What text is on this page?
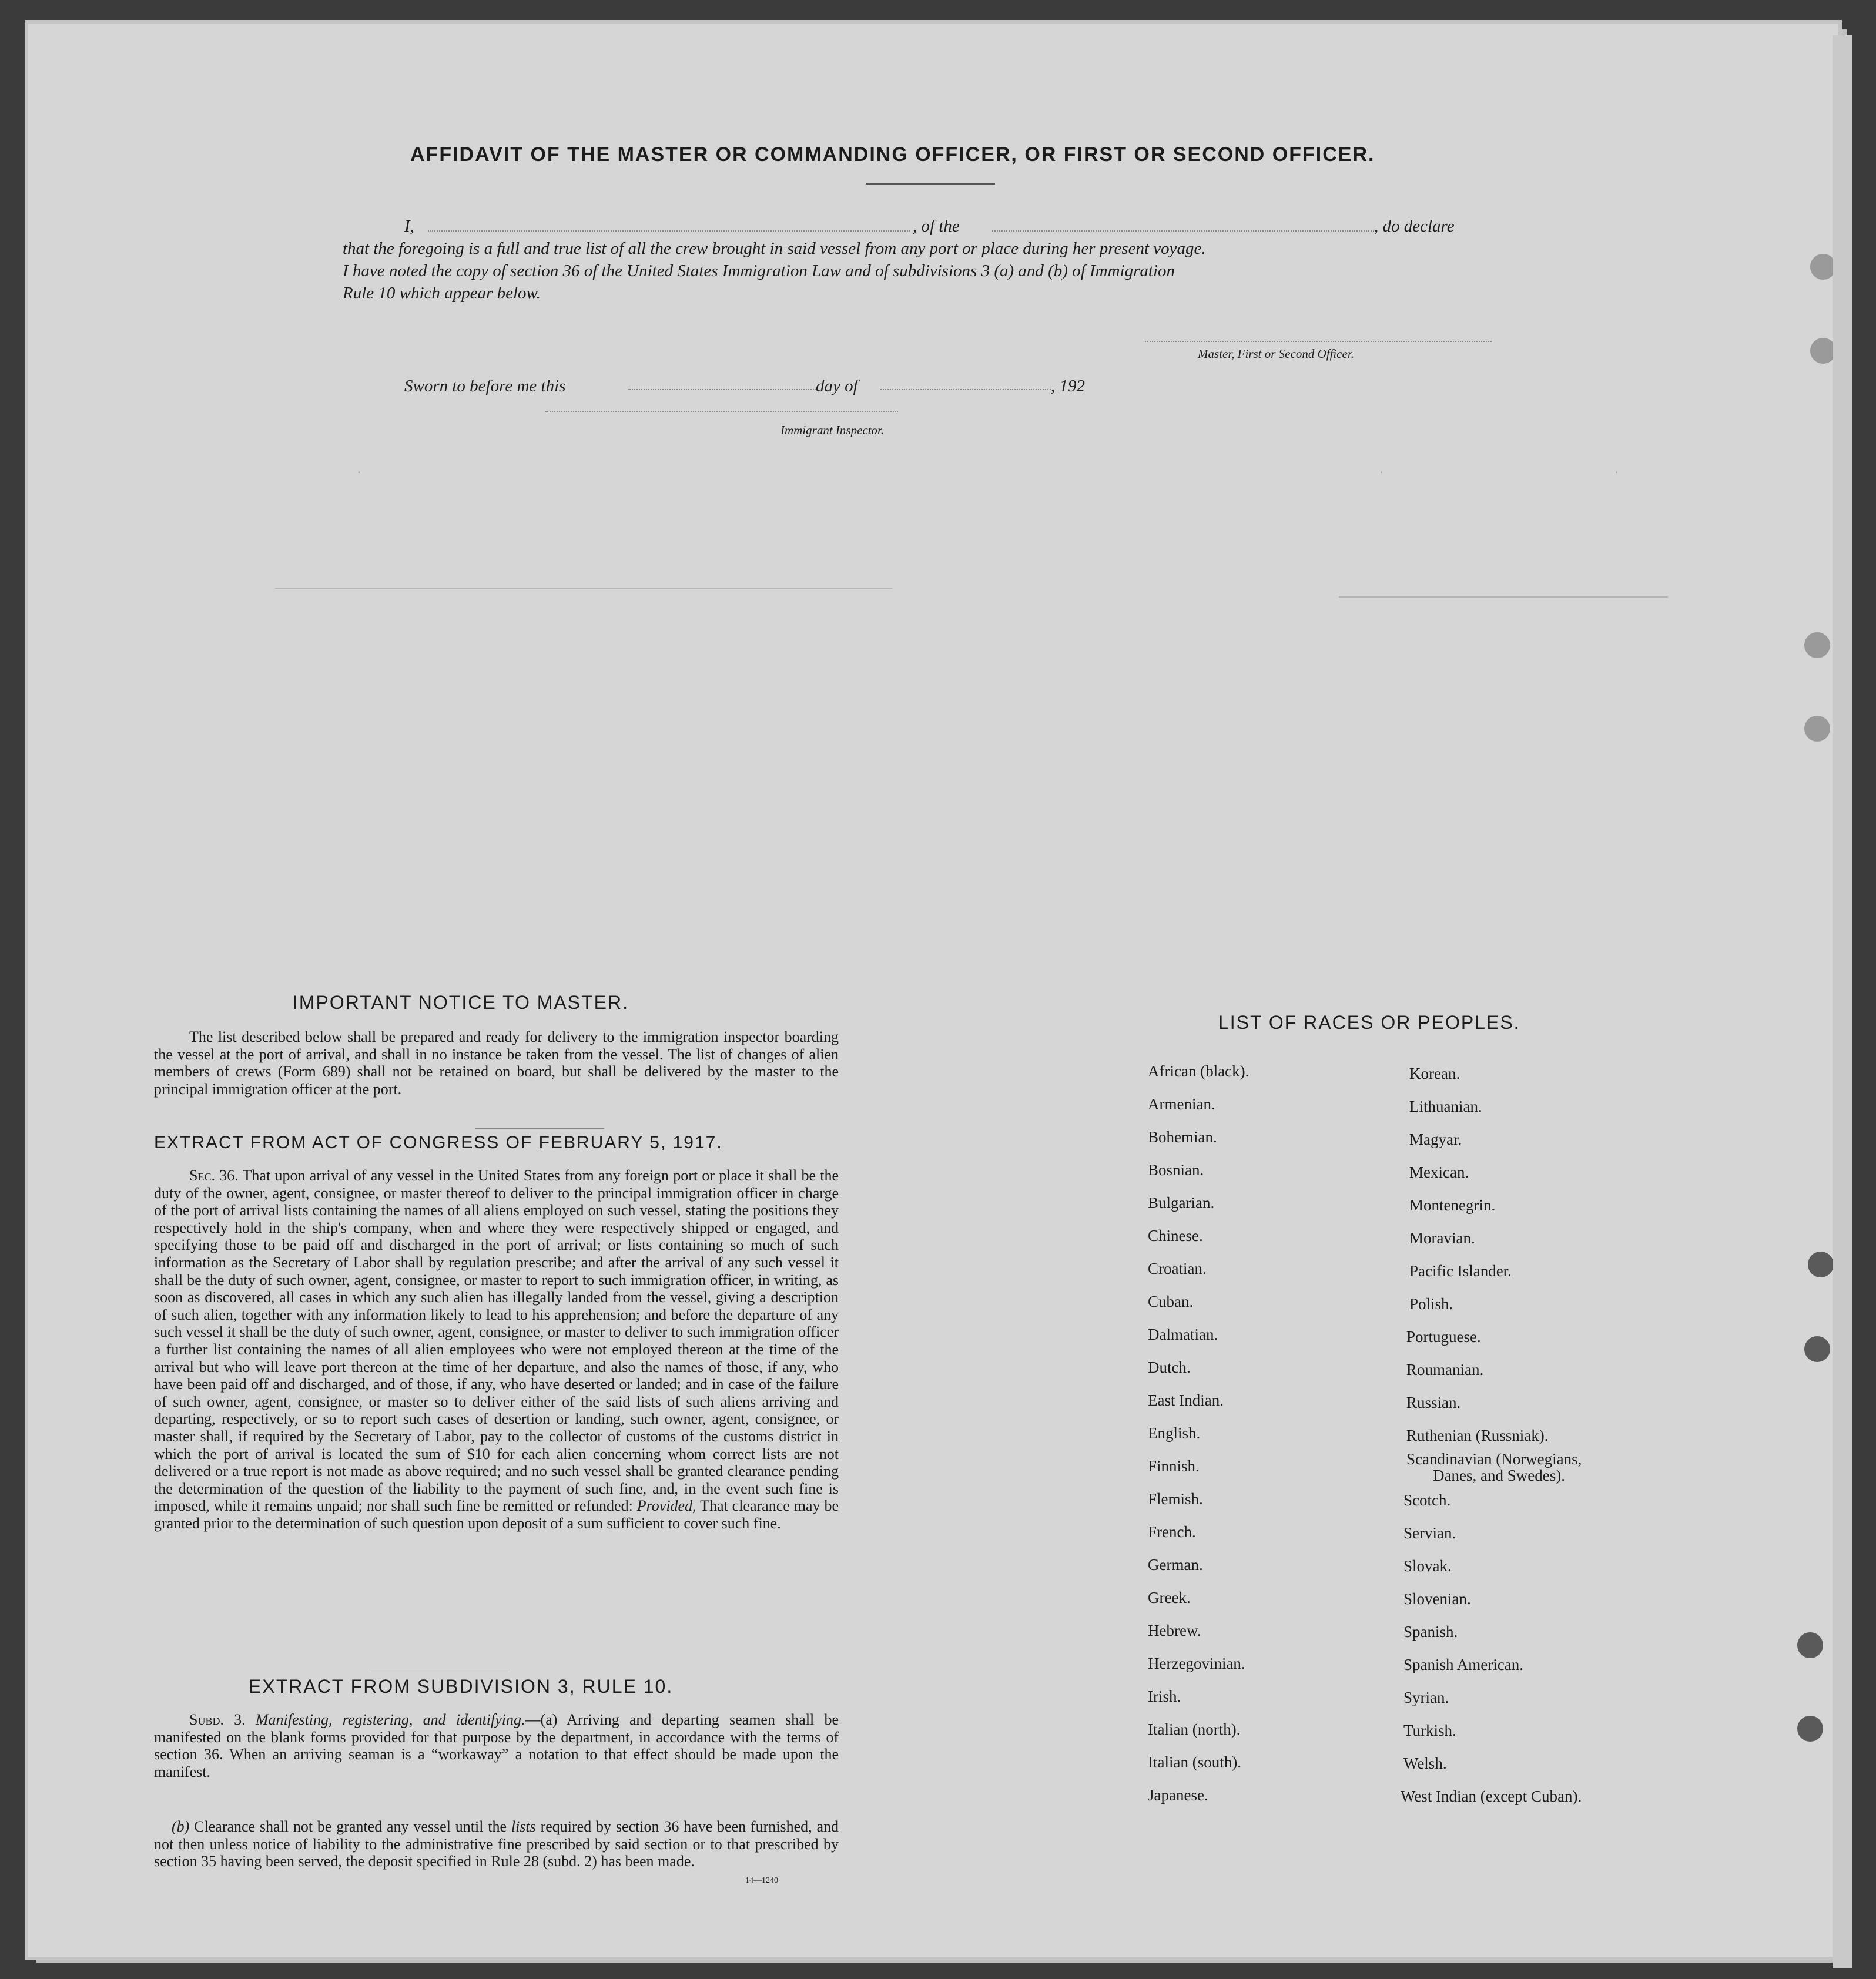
AFFIDAVIT OF THE MASTER OR COMMANDING OFFICER, OR FIRST OR SECOND OFFICER.
I,	, of the	, do declare
that the foregoing is a full and true list of all the crew brought in said vessel from any port or place during her present voyage.
I have noted the copy of section 36 of the United States Immigration Law and of subdivisions 3 (a) and (b) of Immigration
Rule 10 which appear below.
Master, First or Second Officer.
Sworn to before me this	day of	, 192
Immigrant Inspector.
.	.	.
IMPORTANT NOTICE TO MASTER.
The list described below shall be prepared and ready for delivery to the immigration inspector boarding the vessel at the port of arrival, and shall in no instance be taken from the vessel. The list of changes of alien members of crews (Form 689) shall not be retained on board, but shall be delivered by the master to the principal immigration officer at the port.
EXTRACT FROM ACT OF CONGRESS OF FEBRUARY 5, 1917.
Sec. 36. That upon arrival of any vessel in the United States from any foreign port or place it shall be the duty of the owner, agent, consignee, or master thereof to deliver to the principal immigration officer in charge of the port of arrival lists containing the names of all aliens employed on such vessel, stating the positions they respectively hold in the ship's company, when and where they were respectively shipped or engaged, and specifying those to be paid off and discharged in the port of arrival; or lists containing so much of such information as the Secretary of Labor shall by regulation prescribe; and after the arrival of any such vessel it shall be the duty of such owner, agent, consignee, or master to report to such immigration officer, in writing, as soon as discovered, all cases in which any such alien has illegally landed from the vessel, giving a description of such alien, together with any information likely to lead to his apprehension; and before the departure of any such vessel it shall be the duty of such owner, agent, consignee, or master to deliver to such immigration officer a further list containing the names of all alien employees who were not employed thereon at the time of the arrival but who will leave port thereon at the time of her departure, and also the names of those, if any, who have been paid off and discharged, and of those, if any, who have deserted or landed; and in case of the failure of such owner, agent, consignee, or master so to deliver either of the said lists of such aliens arriving and departing, respectively, or so to report such cases of desertion or landing, such owner, agent, consignee, or master shall, if required by the Secretary of Labor, pay to the collector of customs of the customs district in which the port of arrival is located the sum of $10 for each alien concerning whom correct lists are not delivered or a true report is not made as above required; and no such vessel shall be granted clearance pending the determination of the question of the liability to the payment of such fine, and, in the event such fine is imposed, while it remains unpaid; nor shall such fine be remitted or refunded: Provided, That clearance may be granted prior to the determination of such question upon deposit of a sum sufficient to cover such fine.
EXTRACT FROM SUBDIVISION 3, RULE 10.
Subd. 3. Manifesting, registering, and identifying.—(a) Arriving and departing seamen shall be manifested on the blank forms provided for that purpose by the department, in accordance with the terms of section 36. When an arriving seaman is a “workaway” a notation to that effect should be made upon the manifest.
(b) Clearance shall not be granted any vessel until the lists required by section 36 have been furnished, and not then unless notice of liability to the administrative fine prescribed by said section or to that prescribed by section 35 having been served, the deposit specified in Rule 28 (subd. 2) has been made.
14—1240
LIST OF RACES OR PEOPLES.
African (black).
Armenian.
Bohemian.
Bosnian.
Bulgarian.
Chinese.
Croatian.
Cuban.
Dalmatian.
Dutch.
East Indian.
English.
Finnish.
Flemish.
French.
German.
Greek.
Hebrew.
Herzegovinian.
Irish.
Italian (north).
Italian (south).
Japanese.
Korean.
Lithuanian.
Magyar.
Mexican.
Montenegrin.
Moravian.
Pacific Islander.
Polish.
Portuguese.
Roumanian.
Russian.
Ruthenian (Russniak).
Scandinavian (Norwegians,
Danes, and Swedes).
Scotch.
Servian.
Slovak.
Slovenian.
Spanish.
Spanish American.
Syrian.
Turkish.
Welsh.
West Indian (except Cuban).
